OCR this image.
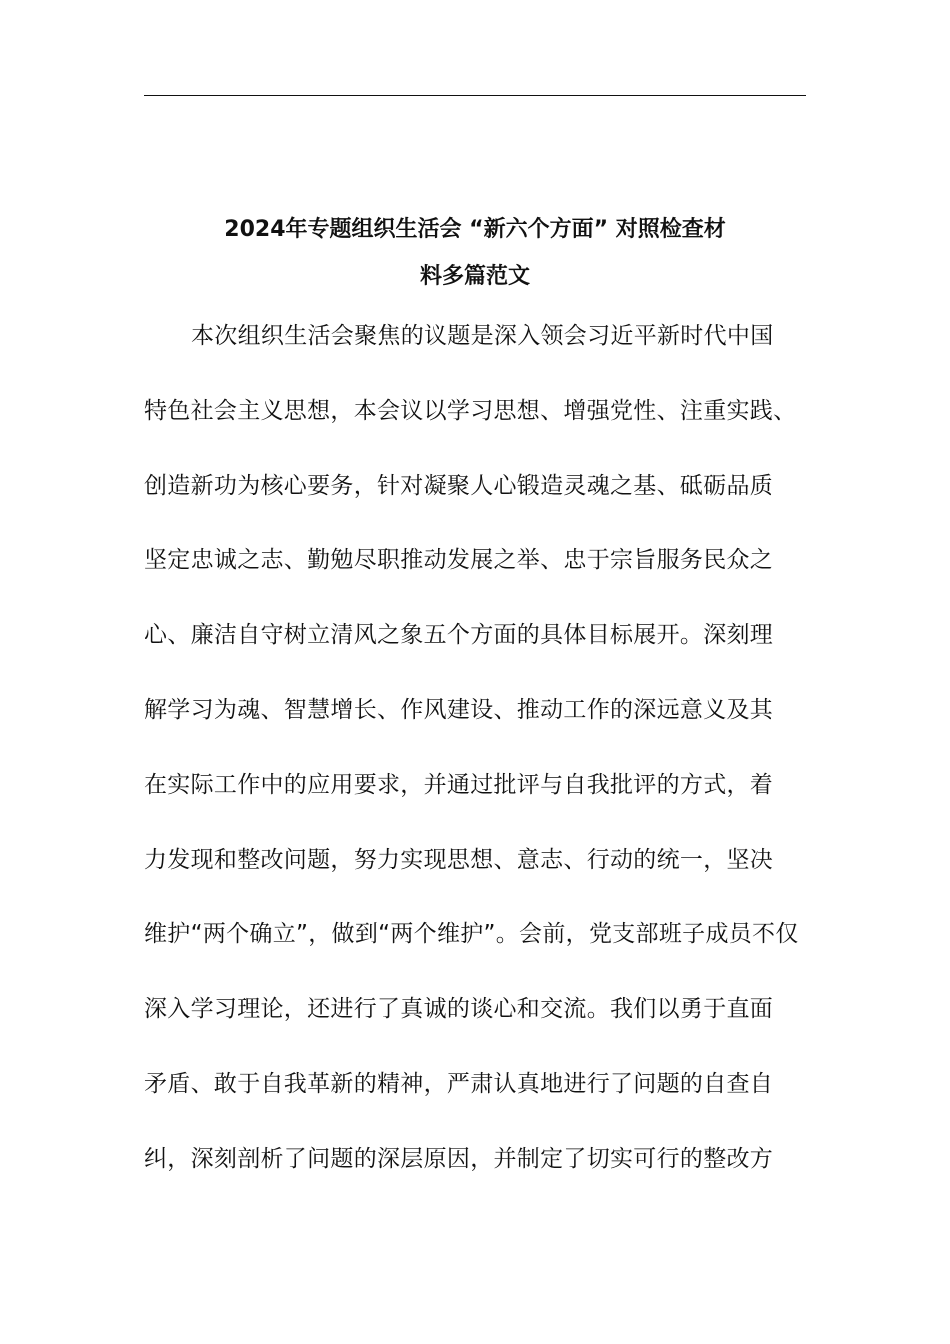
2024年专题组织生活会 “新六个方面” 对照检查材
料多篇范文
本次组织生活会聚焦的议题是深入领会习近平新时代中国
特色社会主义思想，本会议以学习思想、增强党性、注重实践、
创造新功为核心要务，针对凝聚人心锻造灵魂之基、砥砺品质
坚定忠诚之志、勤勉尽职推动发展之举、忠于宗旨服务民众之
心、廉洁自守树立清风之象五个方面的具体目标展开。深刻理
解学习为魂、智慧增长、作风建设、推动工作的深远意义及其
在实际工作中的应用要求，并通过批评与自我批评的方式，着
力发现和整改问题，努力实现思想、意志、行动的统一，坚决
维护“两个确立”，做到“两个维护”。会前，党支部班子成员不仅
深入学习理论，还进行了真诚的谈心和交流。我们以勇于直面
矛盾、敢于自我革新的精神，严肃认真地进行了问题的自查自
纠，深刻剖析了问题的深层原因，并制定了切实可行的整改方
